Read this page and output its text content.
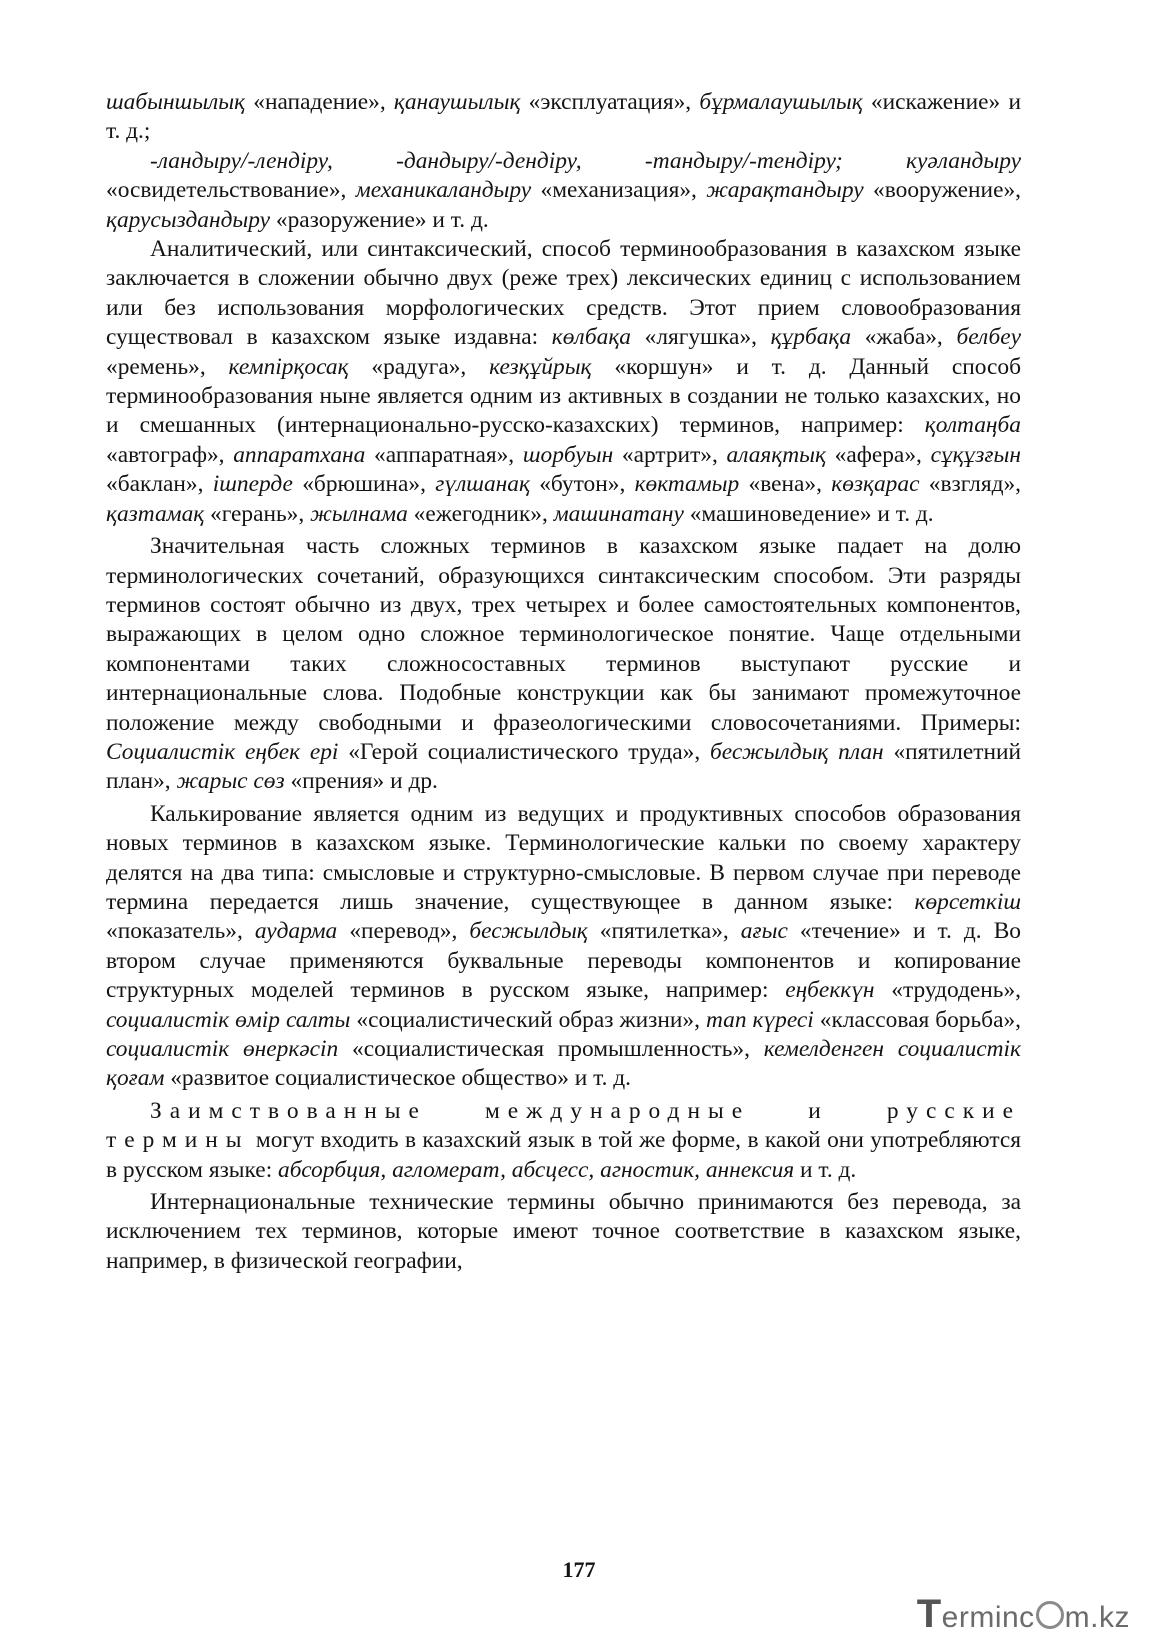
шабыншылық «нападение», қанаушылық «эксплуатация», бұрмалаушылық «искажение» и т. д.;

-ландыру/-лендіру, -дандыру/-дендіру, -тандыру/-тендіру; куәландыру «освидетельствование», механикаландыру «механизация», жарақтандыру «вооружение», қарусыздандыру «разоружение» и т. д.

Аналитический, или синтаксический, способ терминообразования в казахском языке заключается в сложении обычно двух (реже трех) лексических единиц с использованием или без использования морфологических средств. Этот прием словообразования существовал в казахском языке издавна: көлбақа «лягушка», құрбақа «жаба», белбеу «ремень», кемпірқосақ «радуга», кезқұйрық «коршун» и т. д. Данный способ терминообразования ныне является одним из активных в создании не только казахских, но и смешанных (интернационально-русско-казахских) терминов, например: қолтаңба «автограф», аппаратхана «аппаратная», шорбуын «артрит», алаяқтық «афера», сұқұзғын «баклан», ішперде «брюшина», гүлшанақ «бутон», көктамыр «вена», көзқарас «взгляд», қазтамақ «герань», жылнама «ежегодник», машинатану «машиноведение» и т. д.

Значительная часть сложных терминов в казахском языке падает на долю терминологических сочетаний, образующихся синтаксическим способом. Эти разряды терминов состоят обычно из двух, трех четырех и более самостоятельных компонентов, выражающих в целом одно сложное терминологическое понятие. Чаще отдельными компонентами таких сложносоставных терминов выступают русские и интернациональные слова. Подобные конструкции как бы занимают промежуточное положение между свободными и фразеологическими словосочетаниями. Примеры: Социалистік еңбек ері «Герой социалистического труда», бесжылдық план «пятилетний план», жарыс сөз «прения» и др.

Калькирование является одним из ведущих и продуктивных способов образования новых терминов в казахском языке. Терминологические кальки по своему характеру делятся на два типа: смысловые и структурно-смысловые. В первом случае при переводе термина передается лишь значение, существующее в данном языке: көрсеткіш «показатель», аударма «перевод», бесжылдық «пятилетка», ағыс «течение» и т. д. Во втором случае применяются буквальные переводы компонентов и копирование структурных моделей терминов в русском языке, например: еңбеккүн «трудодень», социалистік өмір салты «социалистический образ жизни», тап күресі «классовая борьба», социалистік өнеркәсіп «социалистическая промышленность», кемелденген социалистік қоғам «развитое социалистическое общество» и т. д.

Заимствованные международные и русские термины могут входить в казахский язык в той же форме, в какой они употребляются в русском языке: абсорбция, агломерат, абсцесс, агностик, аннексия и т. д.

Интернациональные технические термины обычно принимаются без перевода, за исключением тех терминов, которые имеют точное соответствие в казахском языке, например, в физической географии,

177
Terminc m.kz
